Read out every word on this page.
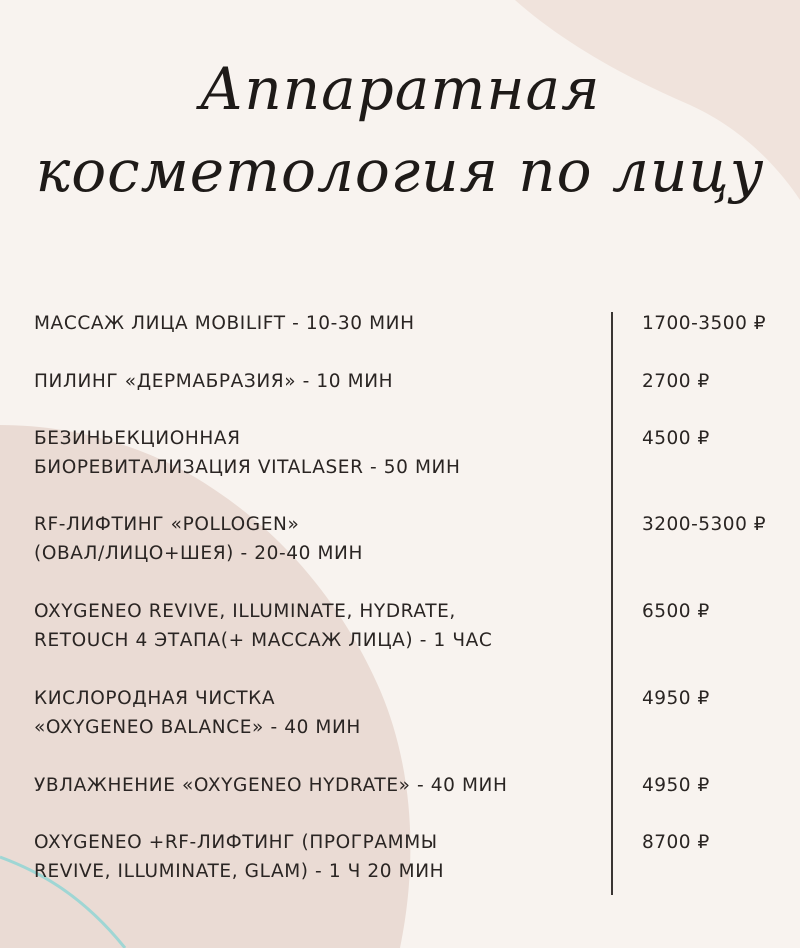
Аппаратная
косметология по лицу
МАССАЖ ЛИЦА MOBILIFT - 10-30 МИН	1700-3500 ₽
ПИЛИНГ «ДЕРМАБРАЗИЯ» - 10 МИН	2700 ₽
БЕЗИНЬЕКЦИОННАЯ
БИОРЕВИТАЛИЗАЦИЯ VITALASER - 50 МИН
4500 ₽
RF-ЛИФТИНГ «POLLOGEN»
(ОВАЛ/ЛИЦО+ШЕЯ) - 20-40 МИН
3200-5300 ₽
OXYGENEO REVIVE, ILLUMINATE, HYDRATE,
RETOUCH 4 ЭТАПА(+ МАССАЖ ЛИЦА) - 1 ЧАС
6500 ₽
КИСЛОРОДНАЯ ЧИСТКА
«OXYGENEO BALANCE» - 40 МИН
4950 ₽
УВЛАЖНЕНИЕ «OXYGENEO HYDRATE» - 40 МИН	4950 ₽
OXYGENEO +RF-ЛИФТИНГ (ПРОГРАММЫ
REVIVE, ILLUMINATE, GLAM) - 1 Ч 20 МИН
8700 ₽
